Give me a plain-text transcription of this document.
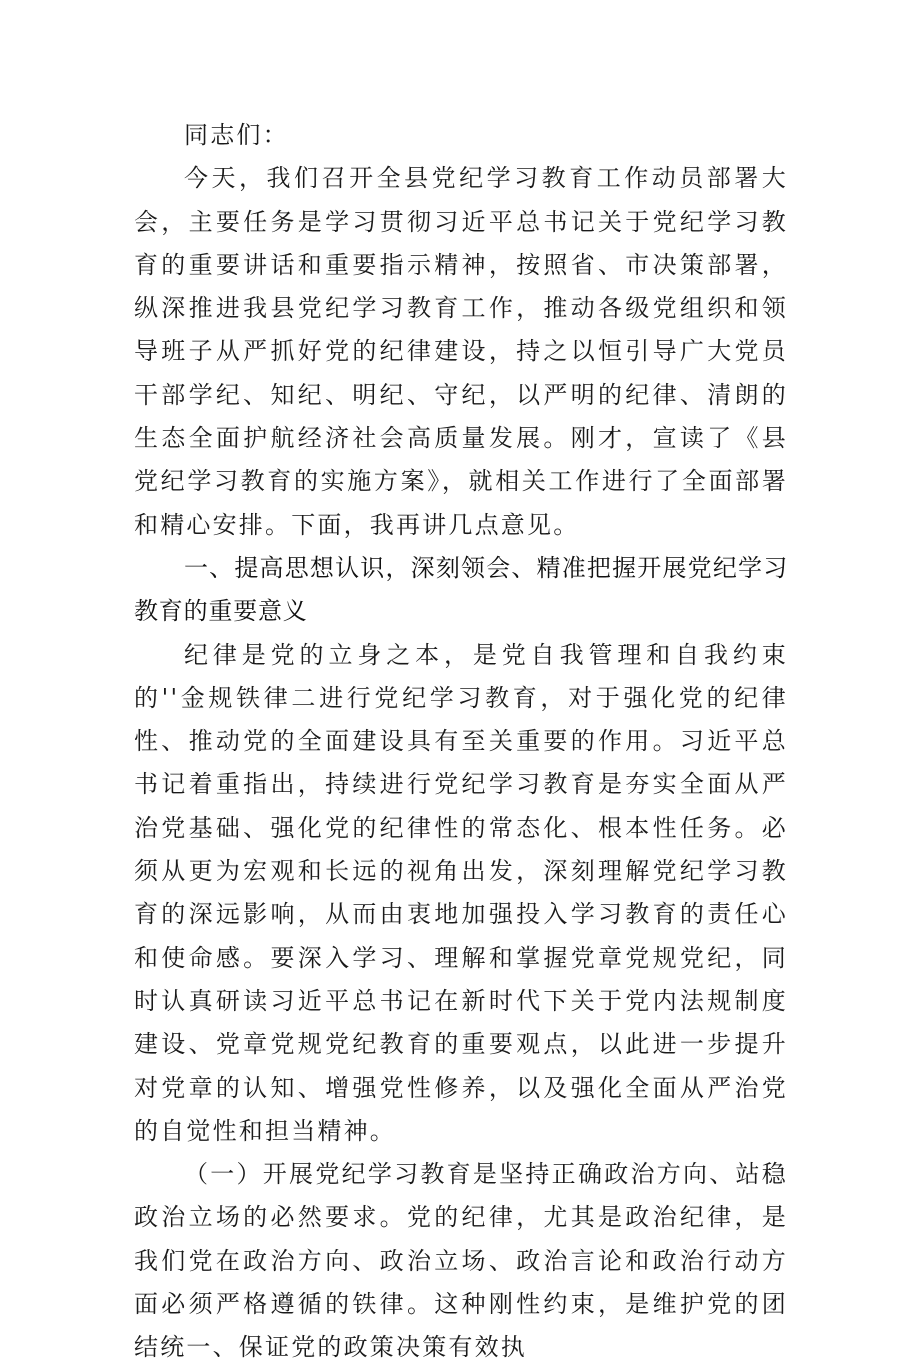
同志们：

今天，我们召开全县党纪学习教育工作动员部署大会，主要任务是学习贯彻习近平总书记关于党纪学习教育的重要讲话和重要指示精神，按照省、市决策部署，纵深推进我县党纪学习教育工作，推动各级党组织和领导班子从严抓好党的纪律建设，持之以恒引导广大党员干部学纪、知纪、明纪、守纪，以严明的纪律、清朗的生态全面护航经济社会高质量发展。刚才，宣读了《县党纪学习教育的实施方案》，就相关工作进行了全面部署和精心安排。下面，我再讲几点意见。

一、提高思想认识，深刻领会、精准把握开展党纪学习教育的重要意义

纪律是党的立身之本，是党自我管理和自我约束的''金规铁律二进行党纪学习教育，对于强化党的纪律性、推动党的全面建设具有至关重要的作用。习近平总书记着重指出，持续进行党纪学习教育是夯实全面从严治党基础、强化党的纪律性的常态化、根本性任务。必须从更为宏观和长远的视角出发，深刻理解党纪学习教育的深远影响，从而由衷地加强投入学习教育的责任心和使命感。要深入学习、理解和掌握党章党规党纪，同时认真研读习近平总书记在新时代下关于党内法规制度建设、党章党规党纪教育的重要观点，以此进一步提升对党章的认知、增强党性修养，以及强化全面从严治党的自觉性和担当精神。

（一）开展党纪学习教育是坚持正确政治方向、站稳政治立场的必然要求。党的纪律，尤其是政治纪律，是我们党在政治方向、政治立场、政治言论和政治行动方面必须严格遵循的铁律。这种刚性约束，是维护党的团结统一、保证党的政策决策有效执
